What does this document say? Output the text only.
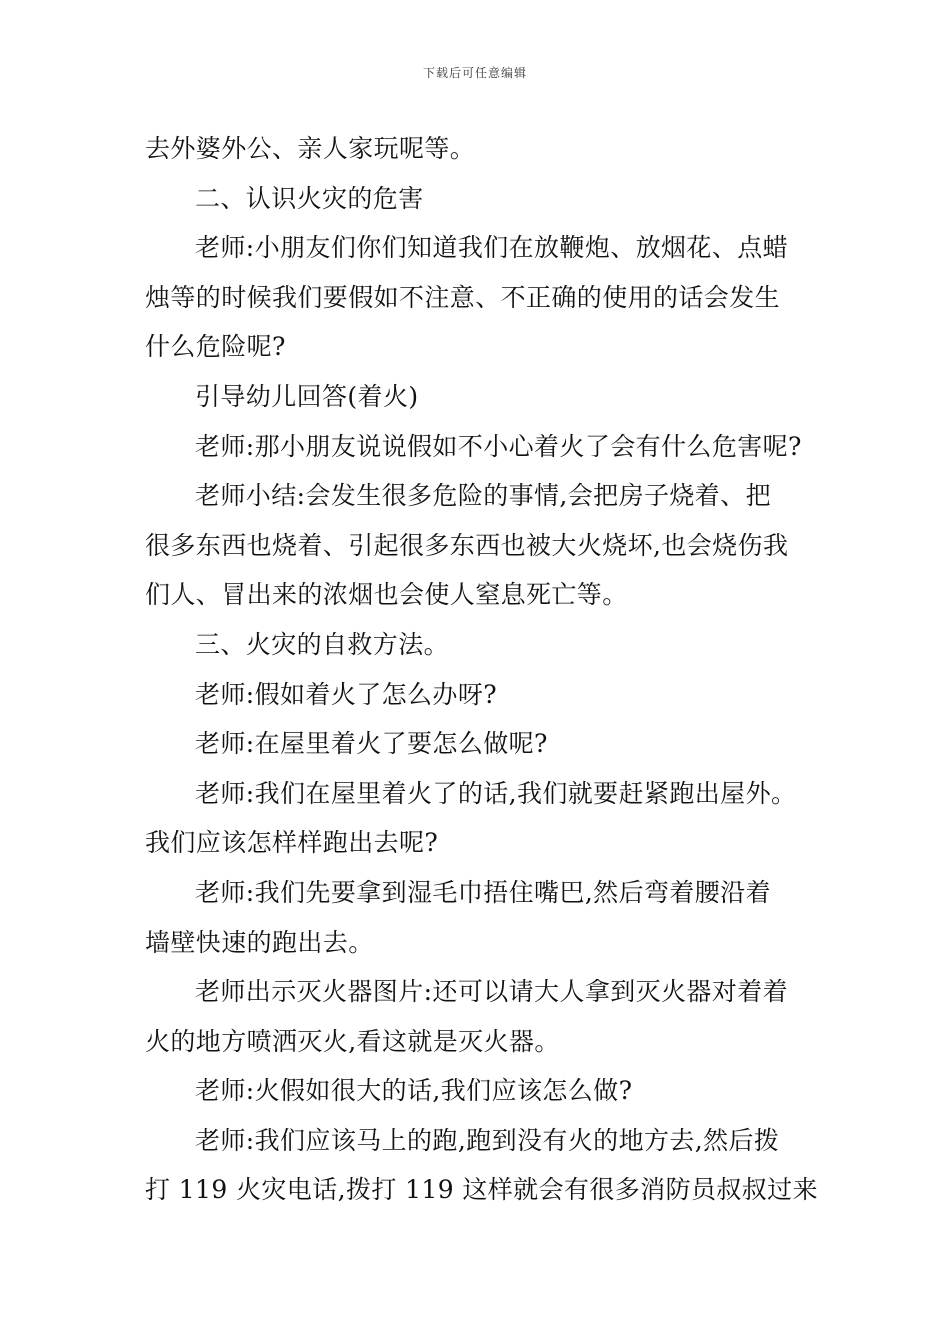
下载后可任意编辑
去外婆外公、亲人家玩呢等。
二、认识火灾的危害
老师:小朋友们你们知道我们在放鞭炮、放烟花、点蜡
烛等的时候我们要假如不注意、不正确的使用的话会发生
什么危险呢?
引导幼儿回答(着火)
老师:那小朋友说说假如不小心着火了会有什么危害呢?
老师小结:会发生很多危险的事情,会把房子烧着、把
很多东西也烧着、引起很多东西也被大火烧坏,也会烧伤我
们人、冒出来的浓烟也会使人窒息死亡等。
三、火灾的自救方法。
老师:假如着火了怎么办呀?
老师:在屋里着火了要怎么做呢?
老师:我们在屋里着火了的话,我们就要赶紧跑出屋外。
我们应该怎样样跑出去呢?
老师:我们先要拿到湿毛巾捂住嘴巴,然后弯着腰沿着
墙壁快速的跑出去。
老师出示灭火器图片:还可以请大人拿到灭火器对着着
火的地方喷洒灭火,看这就是灭火器。
老师:火假如很大的话,我们应该怎么做?
老师:我们应该马上的跑,跑到没有火的地方去,然后拨
打 119 火灾电话,拨打 119 这样就会有很多消防员叔叔过来
